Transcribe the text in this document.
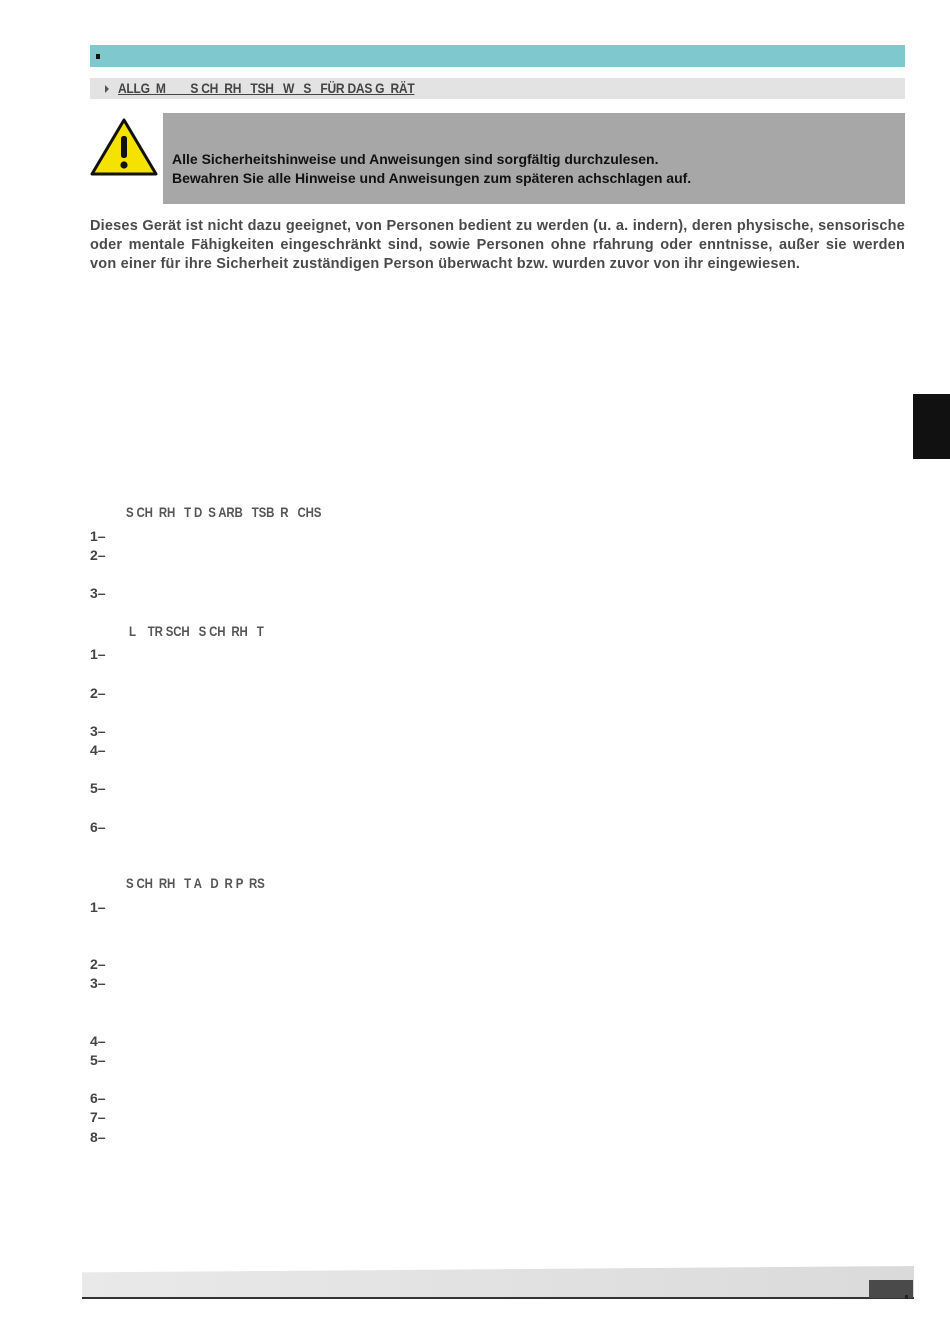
ALLG  M        S CH  RH   TSH   W   S   FÜR DAS G  RÄT
Alle Sicherheitshinweise und Anweisungen sind sorgfältig durchzulesen.
Bewahren Sie alle Hinweise und Anweisungen zum späteren achschlagen auf.
Dieses Gerät ist nicht dazu geeignet, von Personen bedient zu werden (u. a. indern), deren physische, sensorische oder mentale Fähigkeiten eingeschränkt sind, sowie Personen ohne rfahrung oder enntnisse, außer sie werden von einer für ihre Sicherheit zuständigen Person überwacht bzw. wurden zuvor von ihr eingewiesen.
S CH  RH   T D  S ARB   TSB  R   CHS
1–
2–
3–
L    TR SCH   S CH  RH   T
1–
2–
3–
4–
5–
6–
S CH  RH   T A   D  R P  RS
1–
2–
3–
4–
5–
6–
7–
8–
